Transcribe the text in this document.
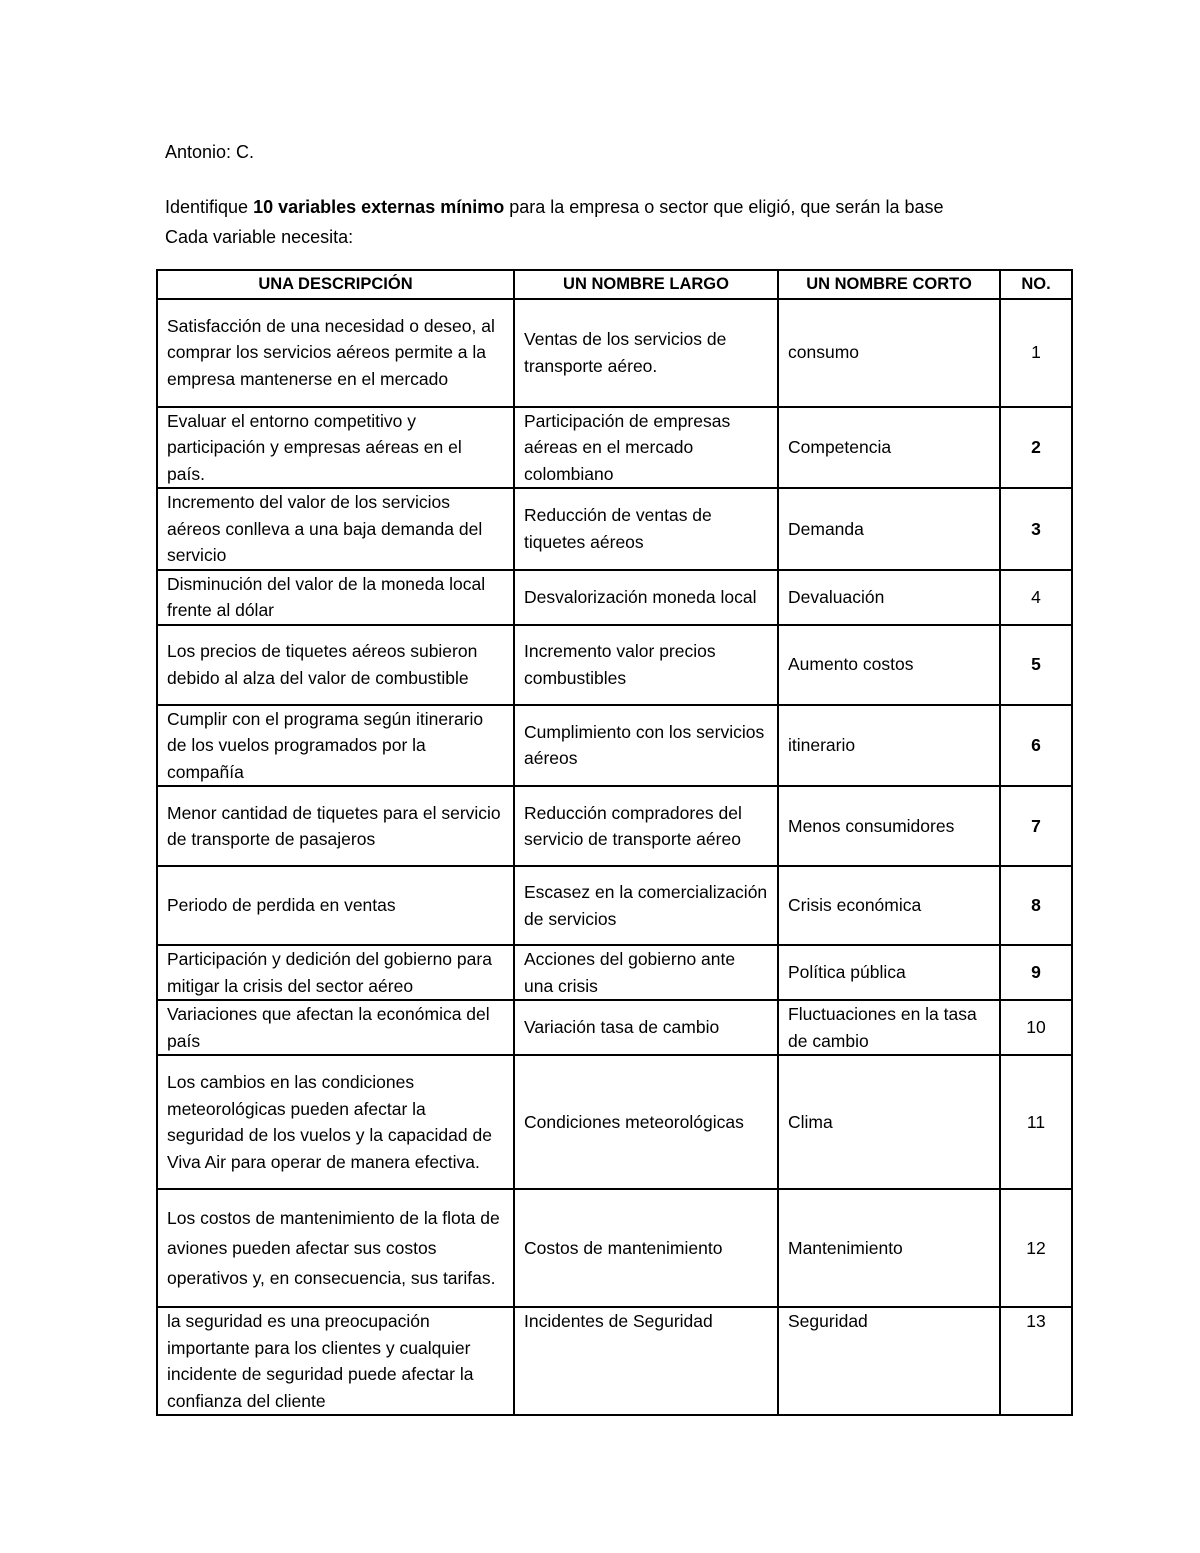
Antonio: C.

Identifique 10 variables externas mínimo para la empresa o sector que eligió, que serán la base

Cada variable necesita:

UNA DESCRIPCIÓN	UN NOMBRE LARGO	UN NOMBRE CORTO	NO.
Satisfacción de una necesidad o deseo, al comprar los servicios aéreos permite a la empresa mantenerse en el mercado	Ventas de los servicios de transporte aéreo.	consumo	1
Evaluar el entorno competitivo y participación y empresas aéreas en el país.	Participación de empresas aéreas en el mercado colombiano	Competencia	2
Incremento del valor de los servicios aéreos conlleva a una baja demanda del servicio	Reducción de ventas de tiquetes aéreos	Demanda	3
Disminución del valor de la moneda local frente al dólar	Desvalorización moneda local	Devaluación	4
Los precios de tiquetes aéreos subieron debido al alza del valor de combustible	Incremento valor precios combustibles	Aumento costos	5
Cumplir con el programa según itinerario de los vuelos programados por la compañía	Cumplimiento con los servicios aéreos	itinerario	6
Menor cantidad de tiquetes para el servicio de transporte de pasajeros	Reducción compradores del servicio de transporte aéreo	Menos consumidores	7
Periodo de perdida en ventas	Escasez en la comercialización de servicios	Crisis económica	8
Participación y dedición del gobierno para mitigar la crisis del sector aéreo	Acciones del gobierno ante una crisis	Política pública	9
Variaciones que afectan la económica del país	Variación tasa de cambio	Fluctuaciones en la tasa de cambio	10
Los cambios en las condiciones meteorológicas pueden afectar la seguridad de los vuelos y la capacidad de Viva Air para operar de manera efectiva.	Condiciones meteorológicas	Clima	11
Los costos de mantenimiento de la flota de aviones pueden afectar sus costos operativos y, en consecuencia, sus tarifas.	Costos de mantenimiento	Mantenimiento	12
la seguridad es una preocupación importante para los clientes y cualquier incidente de seguridad puede afectar la confianza del cliente	Incidentes de Seguridad	Seguridad	13
